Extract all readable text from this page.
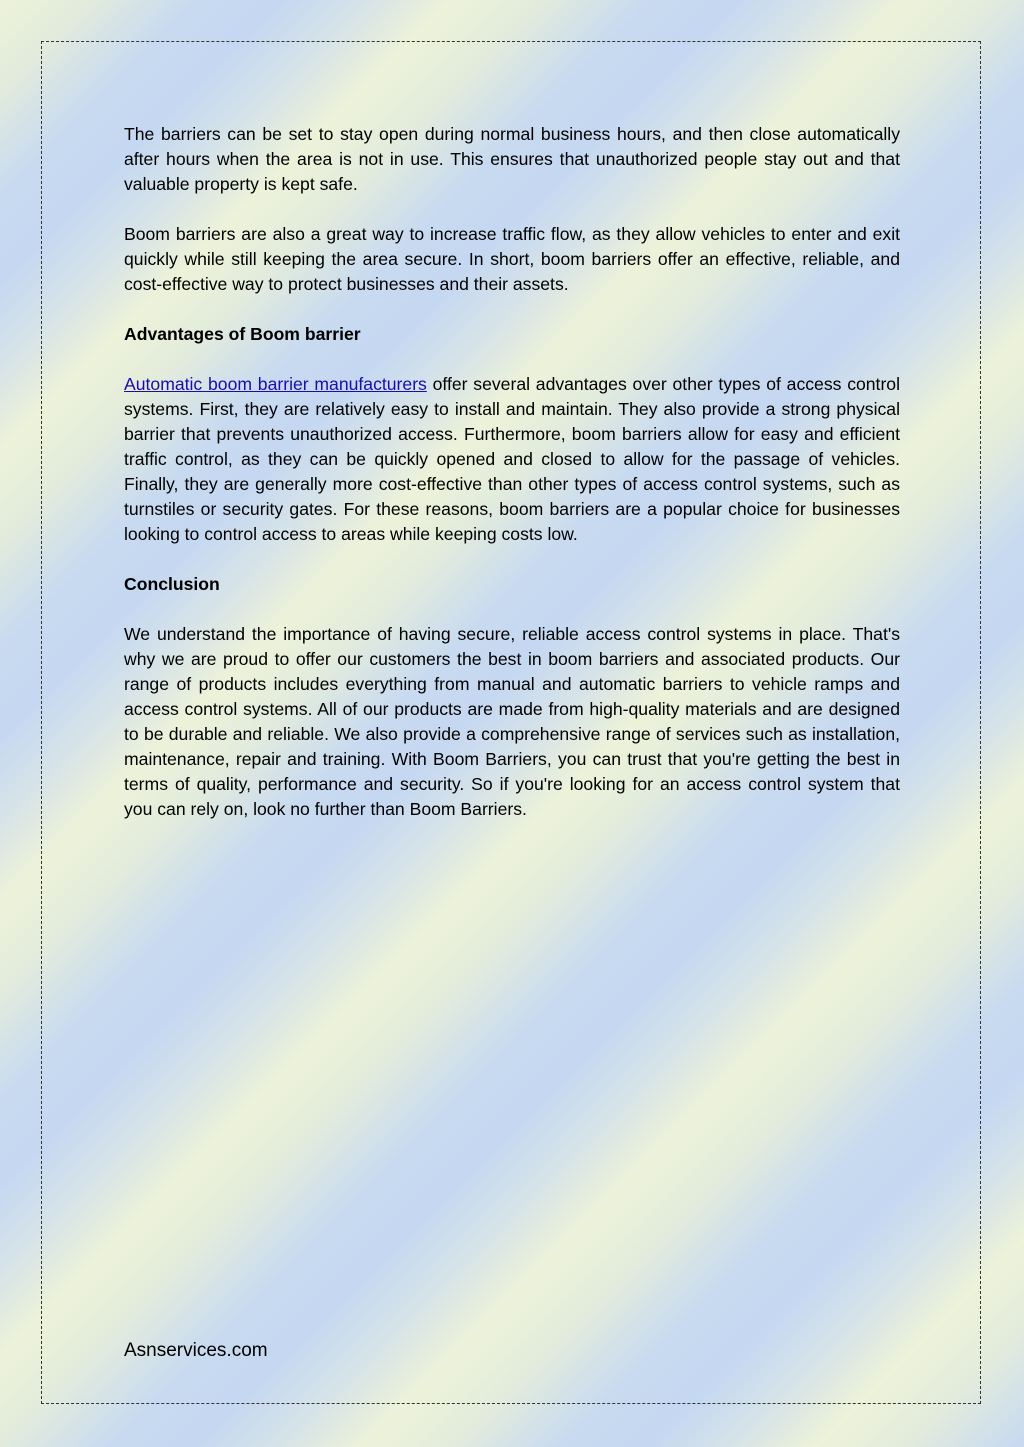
The barriers can be set to stay open during normal business hours, and then close automatically after hours when the area is not in use. This ensures that unauthorized people stay out and that valuable property is kept safe.

Boom barriers are also a great way to increase traffic flow, as they allow vehicles to enter and exit quickly while still keeping the area secure. In short, boom barriers offer an effective, reliable, and cost-effective way to protect businesses and their assets.

Advantages of Boom barrier

Automatic boom barrier manufacturers offer several advantages over other types of access control systems. First, they are relatively easy to install and maintain. They also provide a strong physical barrier that prevents unauthorized access. Furthermore, boom barriers allow for easy and efficient traffic control, as they can be quickly opened and closed to allow for the passage of vehicles. Finally, they are generally more cost-effective than other types of access control systems, such as turnstiles or security gates. For these reasons, boom barriers are a popular choice for businesses looking to control access to areas while keeping costs low.

Conclusion

We understand the importance of having secure, reliable access control systems in place. That's why we are proud to offer our customers the best in boom barriers and associated products. Our range of products includes everything from manual and automatic barriers to vehicle ramps and access control systems. All of our products are made from high-quality materials and are designed to be durable and reliable. We also provide a comprehensive range of services such as installation, maintenance, repair and training. With Boom Barriers, you can trust that you're getting the best in terms of quality, performance and security. So if you're looking for an access control system that you can rely on, look no further than Boom Barriers.

Asnservices.com
